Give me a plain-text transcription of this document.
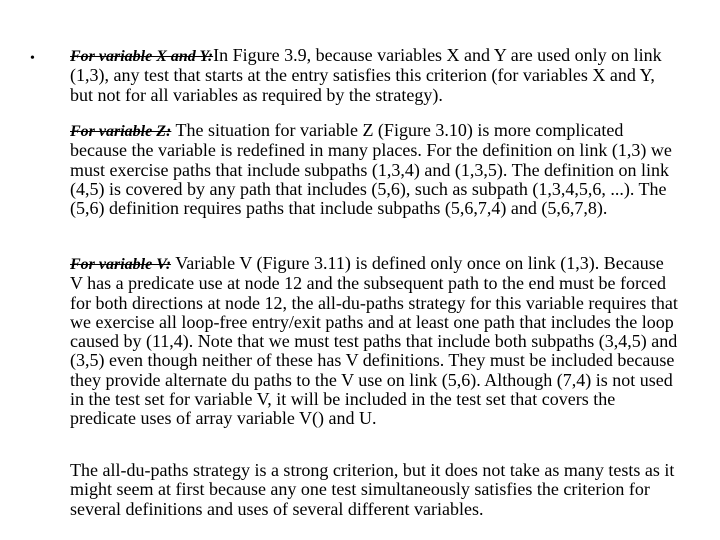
• For variable X and Y:In Figure 3.9, because variables X and Y are used only on link (1,3), any test that starts at the entry satisfies this criterion (for variables X and Y, but not for all variables as required by the strategy).

For variable Z: The situation for variable Z (Figure 3.10) is more complicated because the variable is redefined in many places. For the definition on link (1,3) we must exercise paths that include subpaths (1,3,4) and (1,3,5). The definition on link (4,5) is covered by any path that includes (5,6), such as subpath (1,3,4,5,6, ...). The (5,6) definition requires paths that include subpaths (5,6,7,4) and (5,6,7,8).

For variable V: Variable V (Figure 3.11) is defined only once on link (1,3). Because V has a predicate use at node 12 and the subsequent path to the end must be forced for both directions at node 12, the all-du-paths strategy for this variable requires that we exercise all loop-free entry/exit paths and at least one path that includes the loop caused by (11,4). Note that we must test paths that include both subpaths (3,4,5) and (3,5) even though neither of these has V definitions. They must be included because they provide alternate du paths to the V use on link (5,6). Although (7,4) is not used in the test set for variable V, it will be included in the test set that covers the predicate uses of array variable V() and U.

The all-du-paths strategy is a strong criterion, but it does not take as many tests as it might seem at first because any one test simultaneously satisfies the criterion for several definitions and uses of several different variables.
